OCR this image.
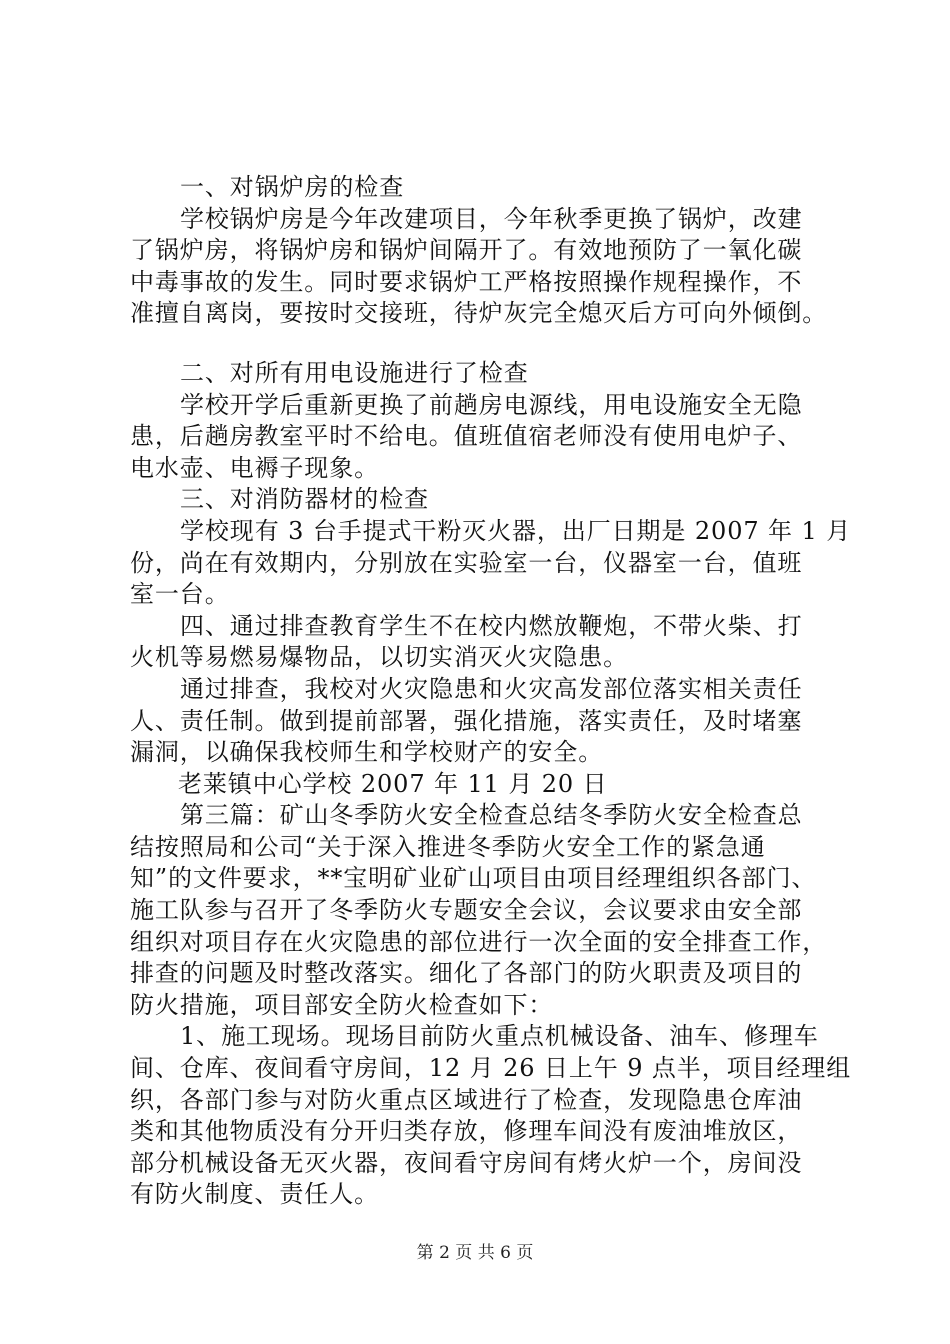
一、对锅炉房的检查
学校锅炉房是今年改建项目，今年秋季更换了锅炉，改建
了锅炉房，将锅炉房和锅炉间隔开了。有效地预防了一氧化碳
中毒事故的发生。同时要求锅炉工严格按照操作规程操作，不
准擅自离岗，要按时交接班，待炉灰完全熄灭后方可向外倾倒。
二、对所有用电设施进行了检查
学校开学后重新更换了前趟房电源线，用电设施安全无隐
患，后趟房教室平时不给电。值班值宿老师没有使用电炉子、
电水壶、电褥子现象。
三、对消防器材的检查
学校现有 3 台手提式干粉灭火器，出厂日期是 2007 年 1 月
份，尚在有效期内，分别放在实验室一台，仪器室一台，值班
室一台。
四、通过排查教育学生不在校内燃放鞭炮，不带火柴、打
火机等易燃易爆物品，以切实消灭火灾隐患。
通过排查，我校对火灾隐患和火灾高发部位落实相关责任
人、责任制。做到提前部署，强化措施，落实责任，及时堵塞
漏洞，以确保我校师生和学校财产的安全。
老莱镇中心学校 2007 年 11 月 20 日
第三篇：矿山冬季防火安全检查总结冬季防火安全检查总
结按照局和公司“关于深入推进冬季防火安全工作的紧急通
知”的文件要求，**宝明矿业矿山项目由项目经理组织各部门、
施工队参与召开了冬季防火专题安全会议，会议要求由安全部
组织对项目存在火灾隐患的部位进行一次全面的安全排查工作，
排查的问题及时整改落实。细化了各部门的防火职责及项目的
防火措施，项目部安全防火检查如下：
1、施工现场。现场目前防火重点机械设备、油车、修理车
间、仓库、夜间看守房间，12 月 26 日上午 9 点半，项目经理组
织，各部门参与对防火重点区域进行了检查，发现隐患仓库油
类和其他物质没有分开归类存放，修理车间没有废油堆放区，
部分机械设备无灭火器，夜间看守房间有烤火炉一个，房间没
有防火制度、责任人。
第 2 页 共 6 页
